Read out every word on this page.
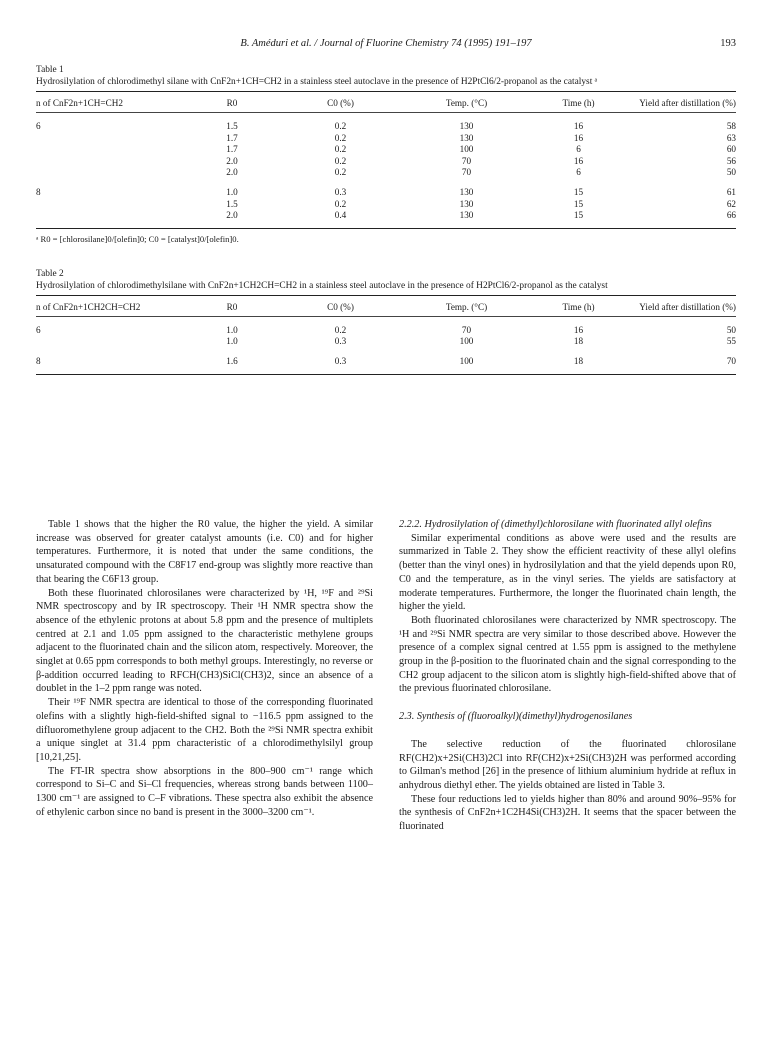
B. Améduri et al. / Journal of Fluorine Chemistry 74 (1995) 191–197	193
Table 1
Hydrosilylation of chlorodimethyl silane with CnF2n+1CH=CH2 in a stainless steel autoclave in the presence of H2PtCl6/2-propanol as the catalyst ᵃ
n of CnF2n+1CH=CH2	R0	C0 (%)	Temp. (°C)	Time (h)	Yield after distillation (%)

6	1.5	0.2	130	16	58
	1.7	0.2	130	16	63
	1.7	0.2	100	6	60
	2.0	0.2	70	16	56
	2.0	0.2	70	6	50
8	1.0	0.3	130	15	61
	1.5	0.2	130	15	62
	2.0	0.4	130	15	66
ᵃ R0 = [chlorosilane]0/[olefin]0; C0 = [catalyst]0/[olefin]0.
Table 2
Hydrosilylation of chlorodimethylsilane with CnF2n+1CH2CH=CH2 in a stainless steel autoclave in the presence of H2PtCl6/2-propanol as the catalyst
n of CnF2n+1CH2CH=CH2	R0	C0 (%)	Temp. (°C)	Time (h)	Yield after distillation (%)

6	1.0	0.2	70	16	50
	1.0	0.3	100	18	55
8	1.6	0.3	100	18	70

Table 1 shows that the higher the R0 value, the higher the yield. A similar increase was observed for greater catalyst amounts (i.e. C0) and for higher temperatures. Furthermore, it is noted that under the same conditions, the unsaturated compound with the C8F17 end-group was slightly more reactive than that bearing the C6F13 group.

Both these fluorinated chlorosilanes were characterized by ¹H, ¹⁹F and ²⁹Si NMR spectroscopy and by IR spectroscopy. Their ¹H NMR spectra show the absence of the ethylenic protons at about 5.8 ppm and the presence of multiplets centred at 2.1 and 1.05 ppm assigned to the characteristic methylene groups adjacent to the fluorinated chain and the silicon atom, respectively. Moreover, the singlet at 0.65 ppm corresponds to both methyl groups. Interestingly, no reverse or β-addition occurred leading to RFCH(CH3)SiCl(CH3)2, since an absence of a doublet in the 1–2 ppm range was noted.

Their ¹⁹F NMR spectra are identical to those of the corresponding fluorinated olefins with a slightly high-field-shifted signal to −116.5 ppm assigned to the difluoromethylene group adjacent to the CH2. Both the ²⁹Si NMR spectra exhibit a unique singlet at 31.4 ppm characteristic of a chlorodimethylsilyl group [10,21,25].

The FT-IR spectra show absorptions in the 800–900 cm⁻¹ range which correspond to Si–C and Si–Cl frequencies, whereas strong bands between 1100–1300 cm⁻¹ are assigned to C–F vibrations. These spectra also exhibit the absence of ethylenic carbon since no band is present in the 3000–3200 cm⁻¹.

2.2.2. Hydrosilylation of (dimethyl)chlorosilane with fluorinated allyl olefins

Similar experimental conditions as above were used and the results are summarized in Table 2. They show the efficient reactivity of these allyl olefins (better than the vinyl ones) in hydrosilylation and that the yield depends upon R0, C0 and the temperature, as in the vinyl series. The yields are satisfactory at moderate temperatures. Furthermore, the longer the fluorinated chain length, the higher the yield.

Both fluorinated chlorosilanes were characterized by NMR spectroscopy. The ¹H and ²⁹Si NMR spectra are very similar to those described above. However the presence of a complex signal centred at 1.55 ppm is assigned to the methylene group in the β-position to the fluorinated chain and the signal corresponding to the CH2 group adjacent to the silicon atom is slightly high-field-shifted above that of the previous fluorinated chlorosilane.

2.3. Synthesis of (fluoroalkyl)(dimethyl)hydrogenosilanes

The selective reduction of the fluorinated chlorosilane RF(CH2)x+2Si(CH3)2Cl into RF(CH2)x+2Si(CH3)2H was performed according to Gilman's method [26] in the presence of lithium aluminium hydride at reflux in anhydrous diethyl ether. The yields obtained are listed in Table 3.

These four reductions led to yields higher than 80% and around 90%–95% for the synthesis of CnF2n+1C2H4Si(CH3)2H. It seems that the spacer between the fluorinated
